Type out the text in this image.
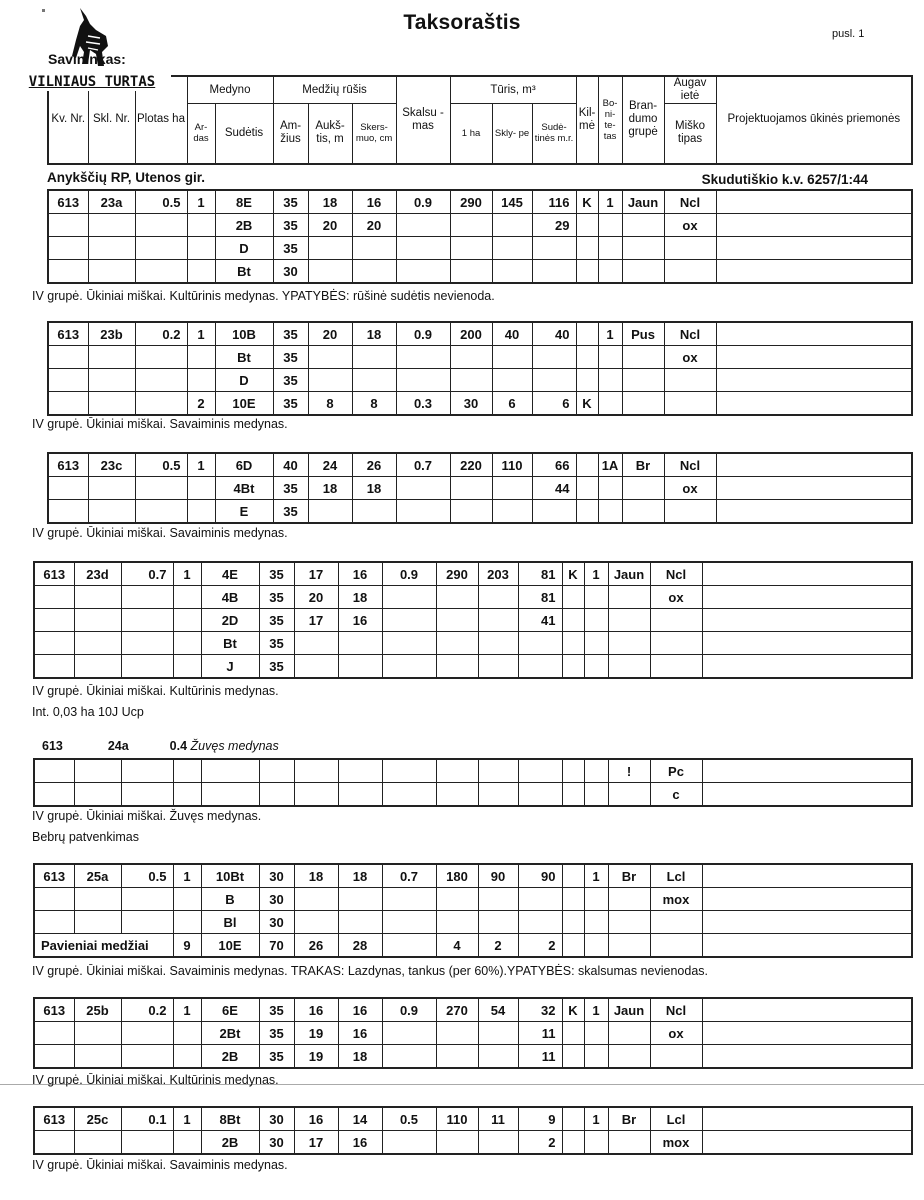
Taksoraštis	pusl. 1
Savininkas:
VILNIAUS TURTAS
Kv. Nr.	Skl. Nr.	Plotas ha	Medyno		Medžių rūšis			Skalsu - mas	Tūris, m³			Kil- mė	Bo- ni- te- tas	Bran- dumo grupė	Augav ietė	Projektuojamos ūkinės priemonės
			Ar- das	Sudėtis	Am- žius	Aukš- tis, m	Skers- muo, cm		1 ha	Skly- pe	Sudė- tinės m.r.				Miško tipas	
Anykščių RP, Utenos gir.	Skudutiškio k.v. 6257/1:44
613	24a	0.4 Žuvęs medynas
613	23a	0.5	1	8E	35	18	16	0.9	290	145	116	K	1	Jaun	Ncl	
				2B	35	20	20				29				ox	
				D	35											
				Bt	30											
IV grupė. Ūkiniai miškai. Kultūrinis medynas. YPATYBĖS: rūšinė sudėtis nevienoda.
613	23b	0.2	1	10B	35	20	18	0.9	200	40	40		1	Pus	Ncl	
				Bt	35										ox	
				D	35											
			2	10E	35	8	8	0.3	30	6	6	K				
IV grupė. Ūkiniai miškai. Savaiminis medynas.
613	23c	0.5	1	6D	40	24	26	0.7	220	110	66		1A	Br	Ncl	
				4Bt	35	18	18				44				ox	
				E	35											
IV grupė. Ūkiniai miškai. Savaiminis medynas.
613	23d	0.7	1	4E	35	17	16	0.9	290	203	81	K	1	Jaun	Ncl	
				4B	35	20	18				81				ox	
				2D	35	17	16				41					
				Bt	35											
				J	35											
IV grupė. Ūkiniai miškai. Kultūrinis medynas.
Int. 0,03 ha 10J Ucp
														!	Pc	
															c	
IV grupė. Ūkiniai miškai. Žuvęs medynas.
Bebrų patvenkimas
613	25a	0.5	1	10Bt	30	18	18	0.7	180	90	90		1	Br	Lcl	
				B	30										mox	
				Bl	30											
Pavieniai medžiai			9	10E	70	26	28		4	2	2					
IV grupė. Ūkiniai miškai. Savaiminis medynas. TRAKAS: Lazdynas, tankus (per 60%).YPATYBĖS: skalsumas nevienodas.
613	25b	0.2	1	6E	35	16	16	0.9	270	54	32	K	1	Jaun	Ncl	
				2Bt	35	19	16				11				ox	
				2B	35	19	18				11					
IV grupė. Ūkiniai miškai. Kultūrinis medynas.
613	25c	0.1	1	8Bt	30	16	14	0.5	110	11	9		1	Br	Lcl	
				2B	30	17	16				2				mox	
IV grupė. Ūkiniai miškai. Savaiminis medynas.
